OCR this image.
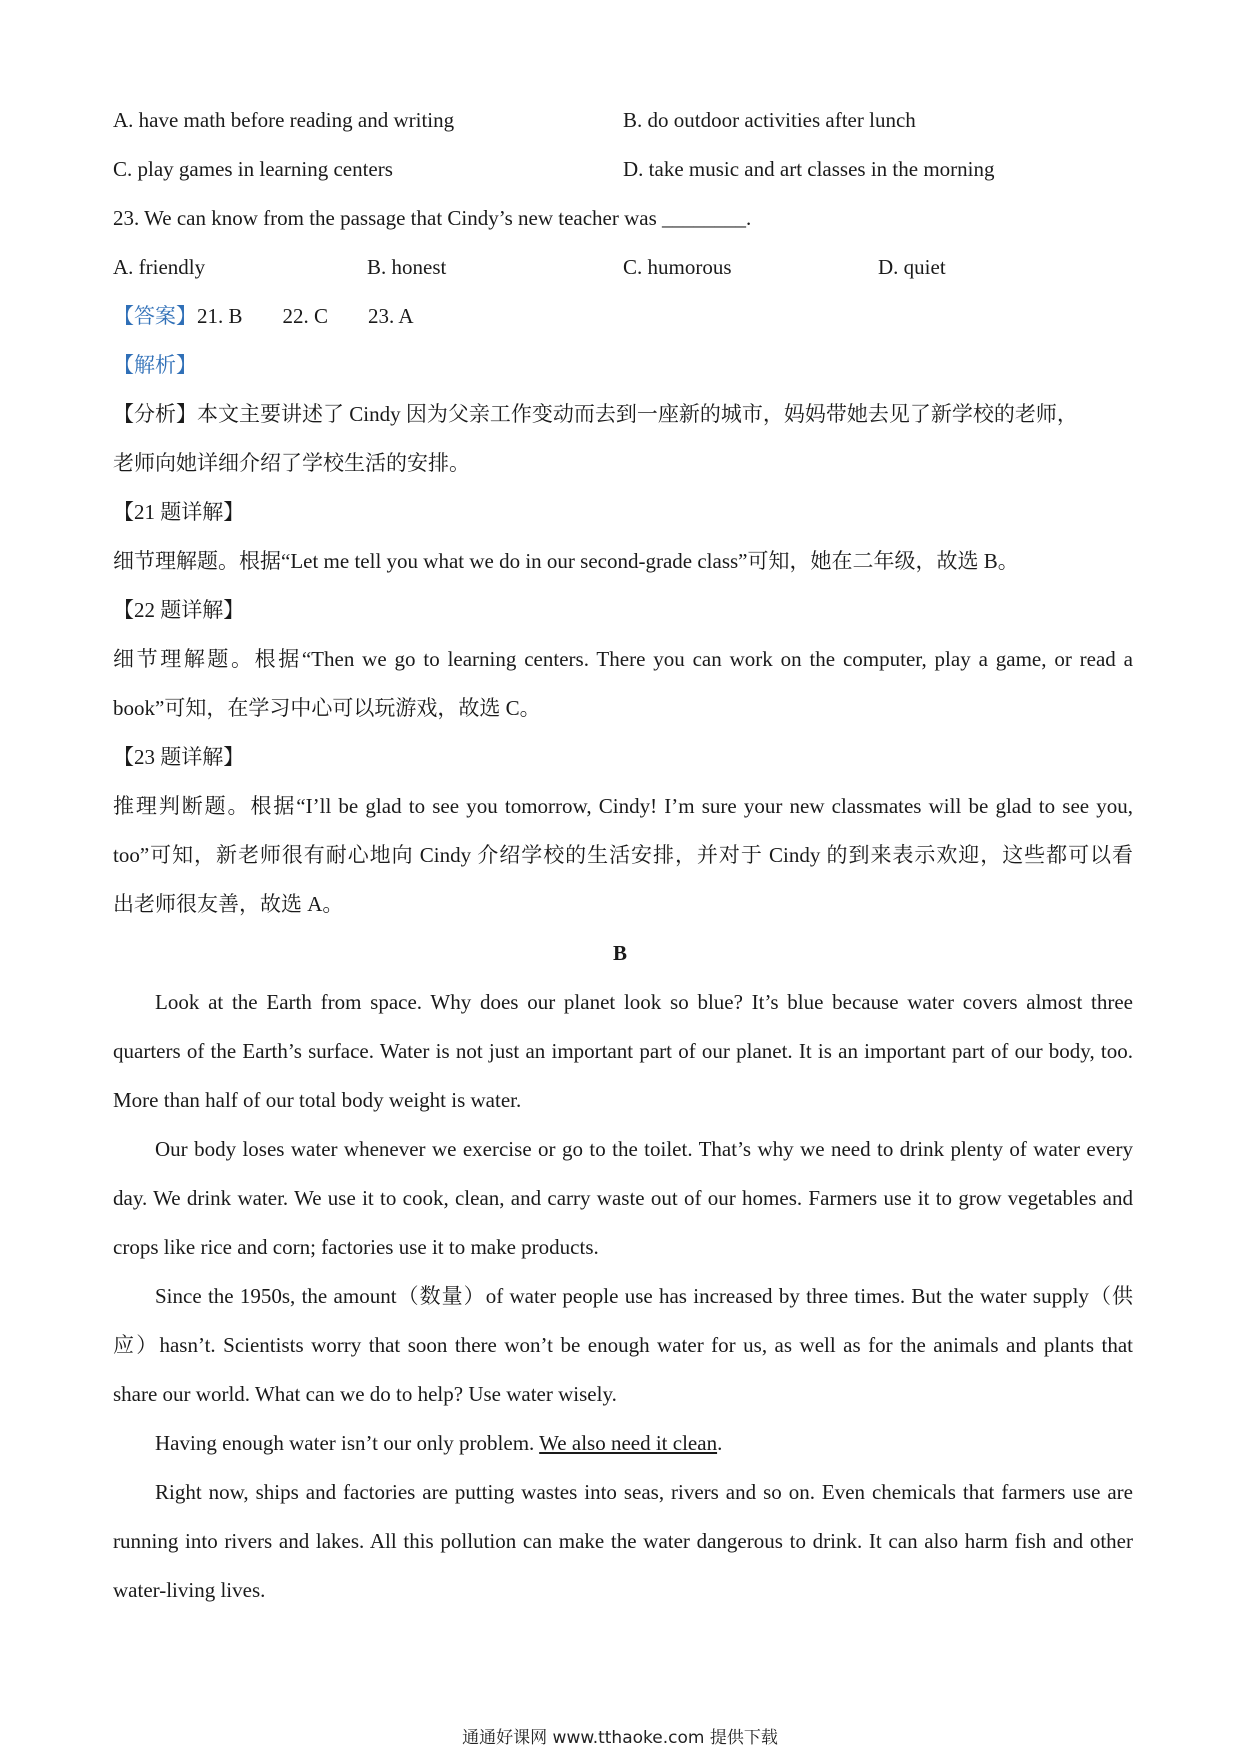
A. have math before reading and writing	B. do outdoor activities after lunch
C. play games in learning centers	D. take music and art classes in the morning
23. We can know from the passage that Cindy’s new teacher was ________.
A. friendly	B. honest	C. humorous	D. quiet
【答案】21. B 22. C 23. A
【解析】
【分析】本文主要讲述了 Cindy 因为父亲工作变动而去到一座新的城市，妈妈带她去见了新学校的老师，
老师向她详细介绍了学校生活的安排。
【21 题详解】
细节理解题。根据“Let me tell you what we do in our second-grade class”可知，她在二年级，故选 B。
【22 题详解】
细节理解题。根据“Then we go to learning centers. There you can work on the computer, play a game, or read a
book”可知，在学习中心可以玩游戏，故选 C。
【23 题详解】
推理判断题。根据“I’ll be glad to see you tomorrow, Cindy! I’m sure your new classmates will be glad to see you,
too”可知，新老师很有耐心地向 Cindy 介绍学校的生活安排，并对于 Cindy 的到来表示欢迎，这些都可以看
出老师很友善，故选 A。
B
Look at the Earth from space. Why does our planet look so blue? It’s blue because water covers almost three
quarters of the Earth’s surface. Water is not just an important part of our planet. It is an important part of our body, too.
More than half of our total body weight is water.
Our body loses water whenever we exercise or go to the toilet. That’s why we need to drink plenty of water every
day. We drink water. We use it to cook, clean, and carry waste out of our homes. Farmers use it to grow vegetables and
crops like rice and corn; factories use it to make products.
Since the 1950s, the amount（数量）of water people use has increased by three times. But the water supply（供
应）hasn’t. Scientists worry that soon there won’t be enough water for us, as well as for the animals and plants that
share our world. What can we do to help? Use water wisely.
Having enough water isn’t our only problem. We also need it clean.
Right now, ships and factories are putting wastes into seas, rivers and so on. Even chemicals that farmers use are
running into rivers and lakes. All this pollution can make the water dangerous to drink. It can also harm fish and other
water-living lives.
通通好课网 www.tthaoke.com 提供下载
